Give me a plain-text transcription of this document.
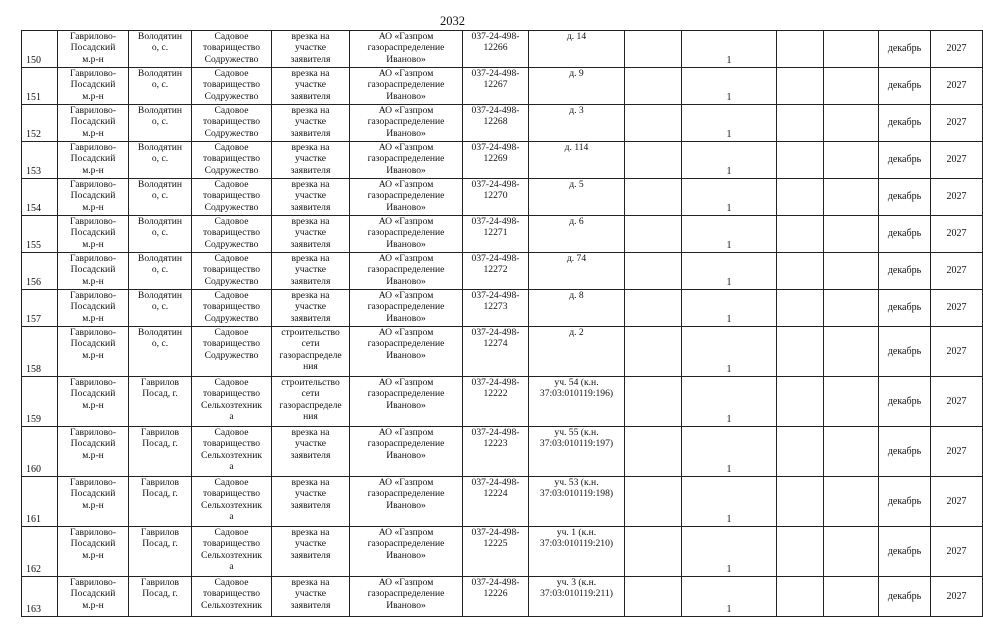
2032
150	Гаврилово-
Посадский
м.р-н	Володятин
о, с.	Садовое
товарищество
Содружество	врезка на
участке
заявителя	АО «Газпром
газораспределение
Иваново»	037-24-498-
12266	д. 14		1			декабрь	2027
151	Гаврилово-
Посадский
м.р-н	Володятин
о, с.	Садовое
товарищество
Содружество	врезка на
участке
заявителя	АО «Газпром
газораспределение
Иваново»	037-24-498-
12267	д. 9		1			декабрь	2027
152	Гаврилово-
Посадский
м.р-н	Володятин
о, с.	Садовое
товарищество
Содружество	врезка на
участке
заявителя	АО «Газпром
газораспределение
Иваново»	037-24-498-
12268	д. 3		1			декабрь	2027
153	Гаврилово-
Посадский
м.р-н	Володятин
о, с.	Садовое
товарищество
Содружество	врезка на
участке
заявителя	АО «Газпром
газораспределение
Иваново»	037-24-498-
12269	д. 114		1			декабрь	2027
154	Гаврилово-
Посадский
м.р-н	Володятин
о, с.	Садовое
товарищество
Содружество	врезка на
участке
заявителя	АО «Газпром
газораспределение
Иваново»	037-24-498-
12270	д. 5		1			декабрь	2027
155	Гаврилово-
Посадский
м.р-н	Володятин
о, с.	Садовое
товарищество
Содружество	врезка на
участке
заявителя	АО «Газпром
газораспределение
Иваново»	037-24-498-
12271	д. 6		1			декабрь	2027
156	Гаврилово-
Посадский
м.р-н	Володятин
о, с.	Садовое
товарищество
Содружество	врезка на
участке
заявителя	АО «Газпром
газораспределение
Иваново»	037-24-498-
12272	д. 74		1			декабрь	2027
157	Гаврилово-
Посадский
м.р-н	Володятин
о, с.	Садовое
товарищество
Содружество	врезка на
участке
заявителя	АО «Газпром
газораспределение
Иваново»	037-24-498-
12273	д. 8		1			декабрь	2027
158	Гаврилово-
Посадский
м.р-н	Володятин
о, с.	Садовое
товарищество
Содружество	строительство
сети
газораспределе
ния	АО «Газпром
газораспределение
Иваново»	037-24-498-
12274	д. 2		1			декабрь	2027
159	Гаврилово-
Посадский
м.р-н	Гаврилов
Посад, г.	Садовое
товарищество
Сельхозтехник
а	строительство
сети
газораспределе
ния	АО «Газпром
газораспределение
Иваново»	037-24-498-
12222	уч. 54 (к.н.
37:03:010119:196)		1			декабрь	2027
160	Гаврилово-
Посадский
м.р-н	Гаврилов
Посад, г.	Садовое
товарищество
Сельхозтехник
а	врезка на
участке
заявителя	АО «Газпром
газораспределение
Иваново»	037-24-498-
12223	уч. 55 (к.н.
37:03:010119:197)		1			декабрь	2027
161	Гаврилово-
Посадский
м.р-н	Гаврилов
Посад, г.	Садовое
товарищество
Сельхозтехник
а	врезка на
участке
заявителя	АО «Газпром
газораспределение
Иваново»	037-24-498-
12224	уч. 53 (к.н.
37:03:010119:198)		1			декабрь	2027
162	Гаврилово-
Посадский
м.р-н	Гаврилов
Посад, г.	Садовое
товарищество
Сельхозтехник
а	врезка на
участке
заявителя	АО «Газпром
газораспределение
Иваново»	037-24-498-
12225	уч. 1 (к.н.
37:03:010119:210)		1			декабрь	2027
163	Гаврилово-
Посадский
м.р-н	Гаврилов
Посад, г.	Садовое
товарищество
Сельхозтехник	врезка на
участке
заявителя	АО «Газпром
газораспределение
Иваново»	037-24-498-
12226	уч. 3 (к.н.
37:03:010119:211)		1			декабрь	2027
